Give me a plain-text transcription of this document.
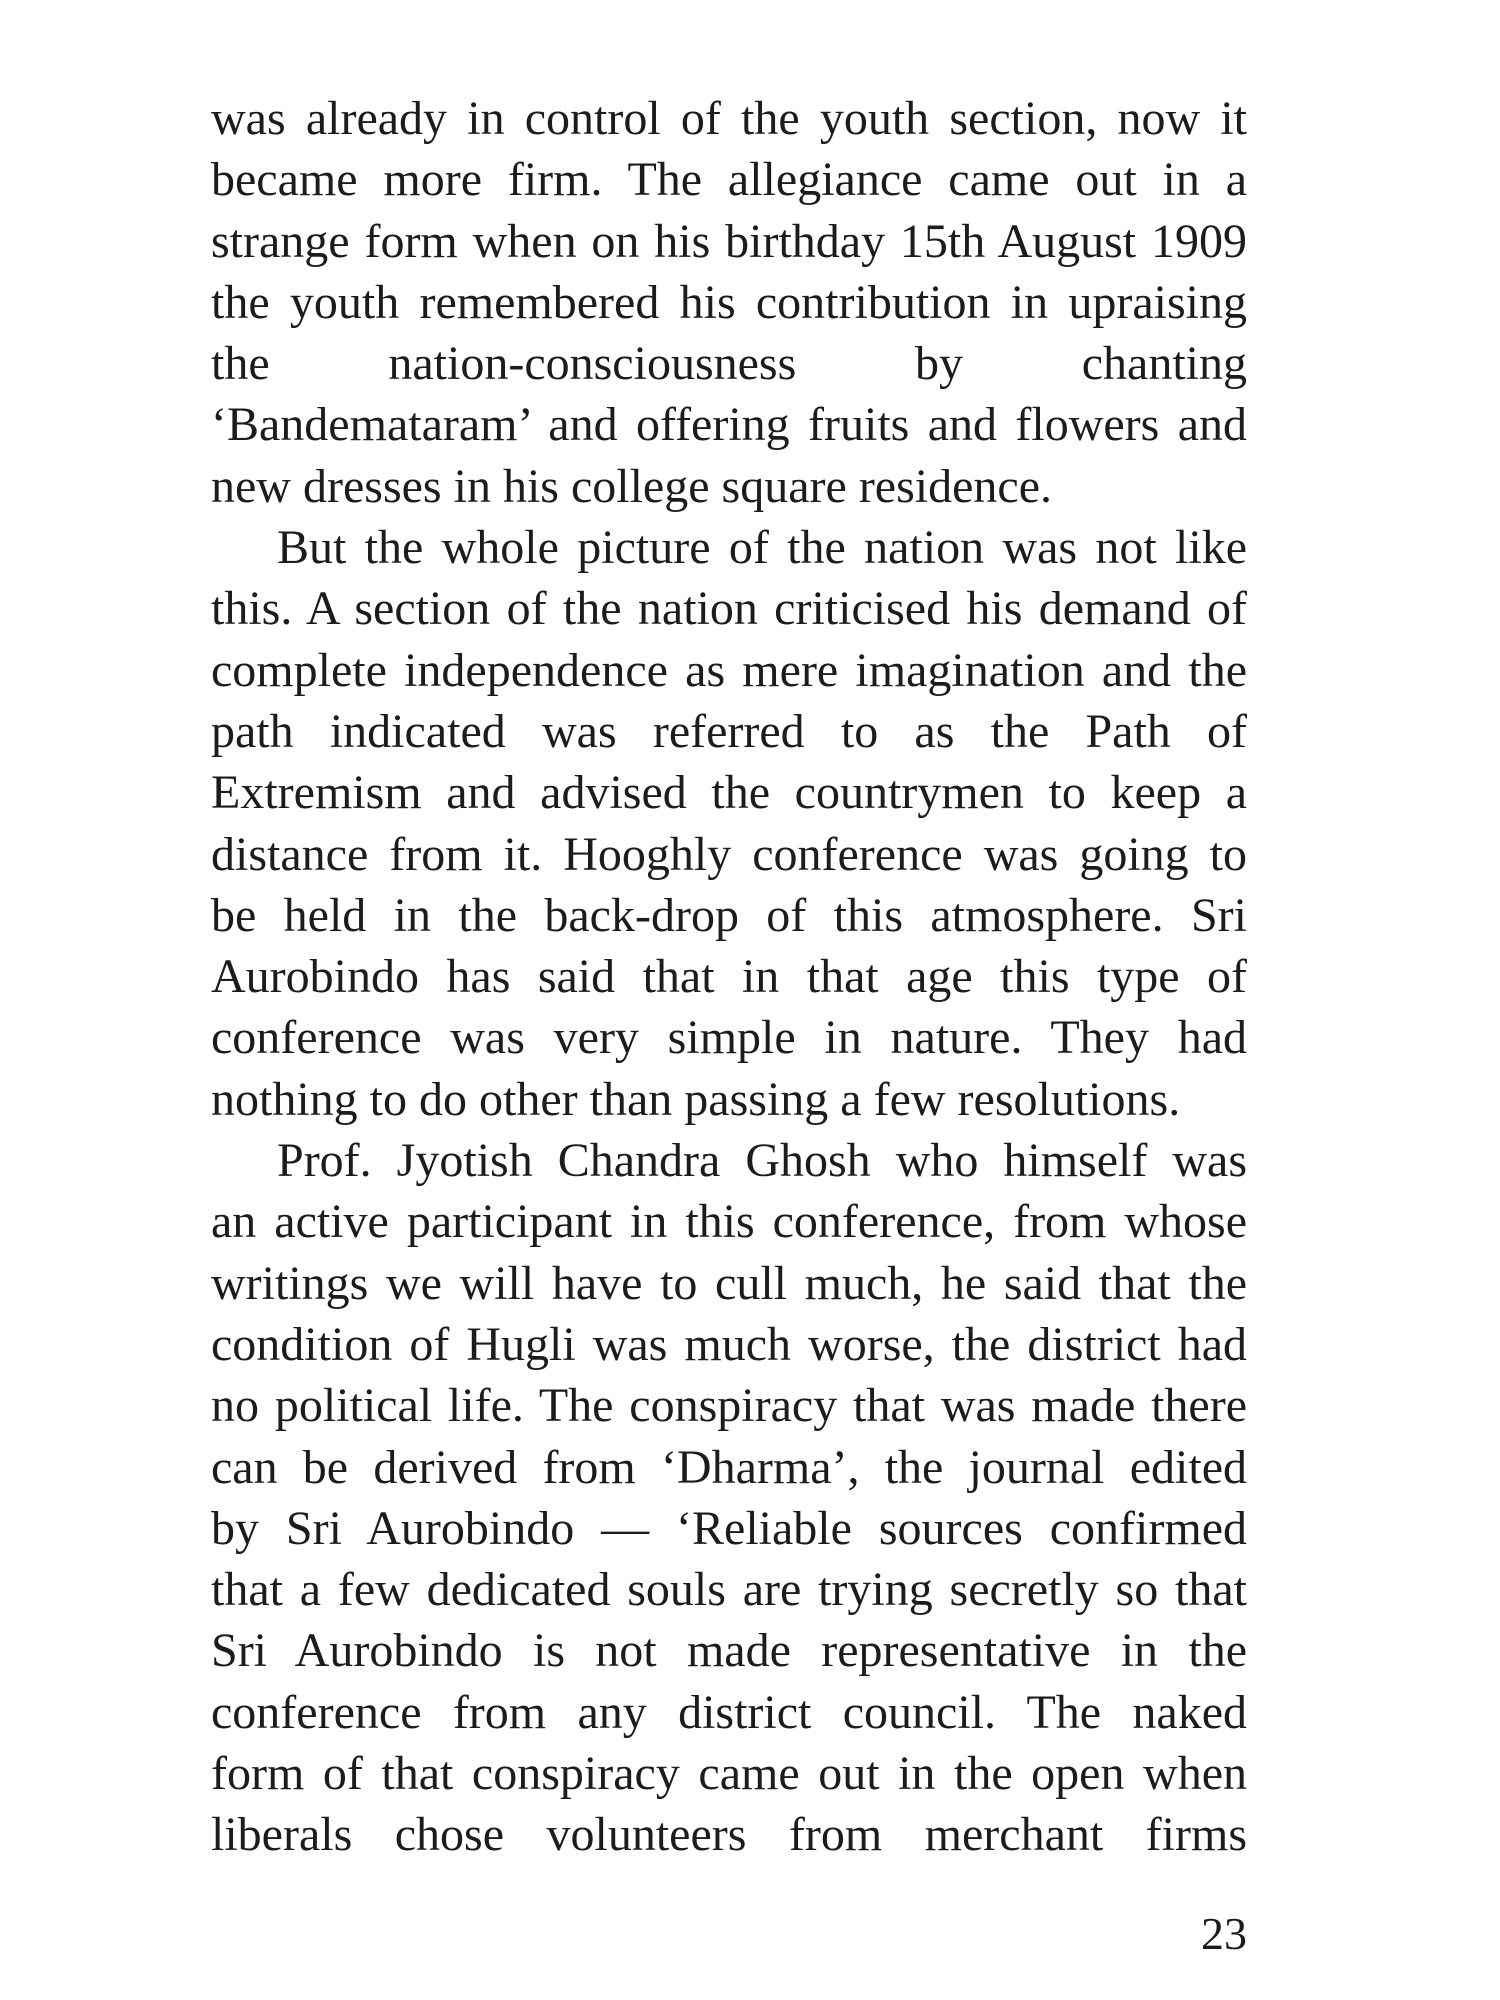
was already in control of the youth section, now it
became more firm. The allegiance came out in a
strange form when on his birthday 15th August 1909
the youth remembered his contribution in upraising
the nation-consciousness by chanting
‘Bandemataram’ and offering fruits and flowers and
new dresses in his college square residence.
But the whole picture of the nation was not like
this. A section of the nation criticised his demand of
complete independence as mere imagination and the
path indicated was referred to as the Path of
Extremism and advised the countrymen to keep a
distance from it. Hooghly conference was going to
be held in the back-drop of this atmosphere. Sri
Aurobindo has said that in that age this type of
conference was very simple in nature. They had
nothing to do other than passing a few resolutions.
Prof. Jyotish Chandra Ghosh who himself was
an active participant in this conference, from whose
writings we will have to cull much, he said that the
condition of Hugli was much worse, the district had
no political life. The conspiracy that was made there
can be derived from ‘Dharma’, the journal edited
by Sri Aurobindo — ‘Reliable sources confirmed
that a few dedicated souls are trying secretly so that
Sri Aurobindo is not made representative in the
conference from any district council. The naked
form of that conspiracy came out in the open when
liberals chose volunteers from merchant firms
23
